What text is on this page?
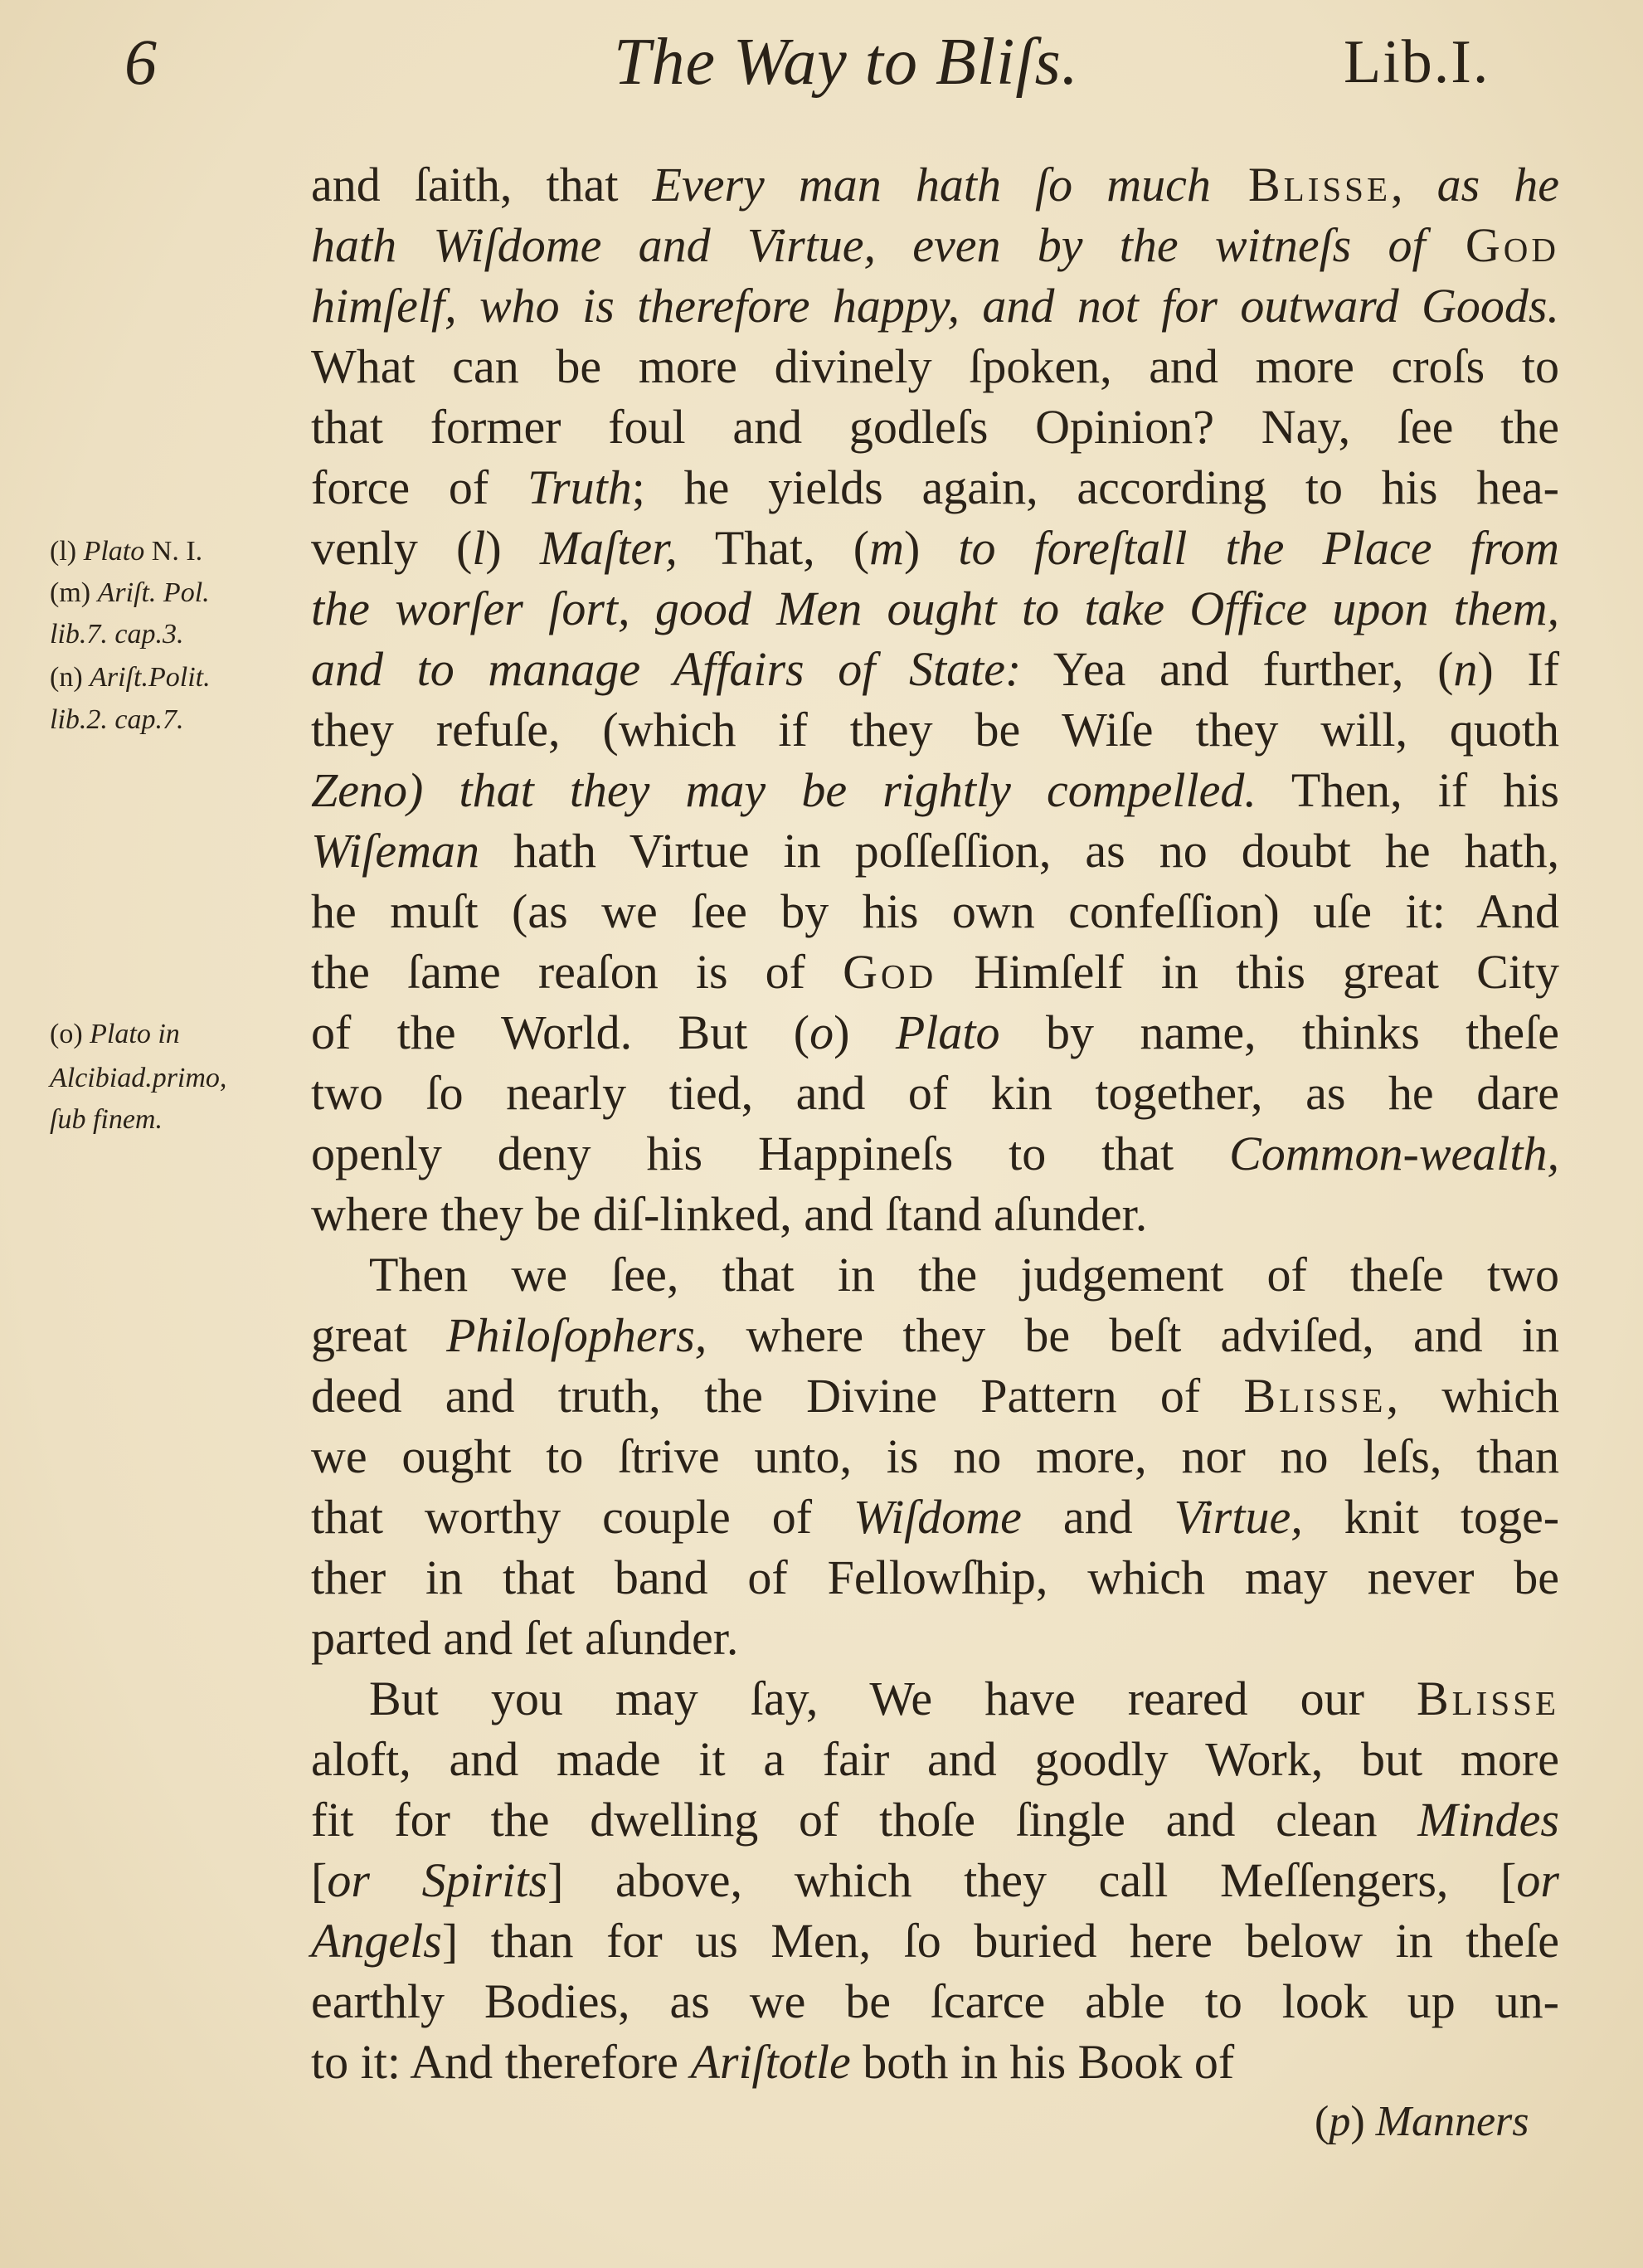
6	The Way to Bliſs.	Lib.I.
and ſaith, that Every man hath ſo much Blisse, as he
hath Wiſdome and Virtue, even by the witneſs of God
himſelf, who is therefore happy, and not for outward Goods.
What can be more divinely ſpoken, and more croſs to
that former foul and godleſs Opinion? Nay, ſee the
force of Truth; he yields again, according to his hea-
venly (l) Maſter, That, (m) to foreſtall the Place from
the worſer ſort, good Men ought to take Office upon them,
and to manage Affairs of State: Yea and further, (n) If
they refuſe, (which if they be Wiſe they will, quoth
Zeno) that they may be rightly compelled. Then, if his
Wiſeman hath Virtue in poſſeſſion, as no doubt he hath,
he muſt (as we ſee by his own confeſſion) uſe it: And
the ſame reaſon is of God Himſelf in this great City
of the World. But (o) Plato by name, thinks theſe
two ſo nearly tied, and of kin together, as he dare
openly deny his Happineſs to that Common-wealth,
where they be diſ-linked, and ſtand aſunder.
Then we ſee, that in the judgement of theſe two
great Philoſophers, where they be beſt adviſed, and in
deed and truth, the Divine Pattern of Blisse, which
we ought to ſtrive unto, is no more, nor no leſs, than
that worthy couple of Wiſdome and Virtue, knit toge-
ther in that band of Fellowſhip, which may never be
parted and ſet aſunder.
But you may ſay, We have reared our Blisse
aloft, and made it a fair and goodly Work, but more
fit for the dwelling of thoſe ſingle and clean Mindes
[or Spirits] above, which they call Meſſengers, [or
Angels] than for us Men, ſo buried here below in theſe
earthly Bodies, as we be ſcarce able to look up un-
to it: And therefore Ariſtotle both in his Book of
(l) Plato N. I.
(m) Ariſt. Pol.
lib.7. cap.3.
(n) Ariſt.Polit.
lib.2. cap.7.
(o) Plato in
Alcibiad.primo,
ſub finem.
(p) Manners
